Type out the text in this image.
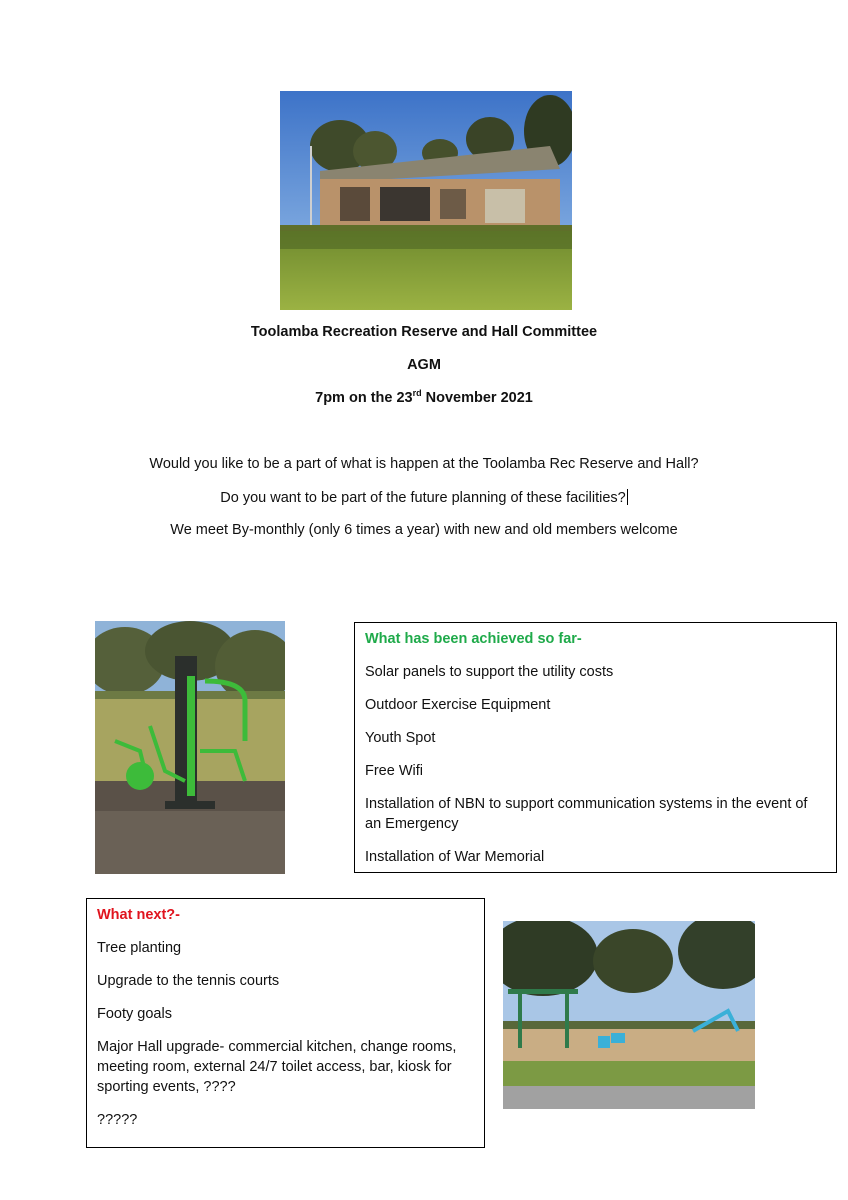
Toolamba Recreation Reserve and Hall Committee
AGM
7pm on the 23rd November 2021
Would you like to be a part of what is happen at the Toolamba Rec Reserve and Hall?
Do you want to be part of the future planning of these facilities?
We meet By-monthly (only 6 times a year) with new and old members welcome

What has been achieved so far-

Solar panels to support the utility costs

Outdoor Exercise Equipment

Youth Spot

Free Wifi

Installation of NBN to support communication systems in the event of an Emergency

Installation of War Memorial

What next?-

Tree planting

Upgrade to the tennis courts

Footy goals

Major Hall upgrade- commercial kitchen, change rooms, meeting room, external 24/7 toilet access, bar, kiosk for sporting events, ????

?????
